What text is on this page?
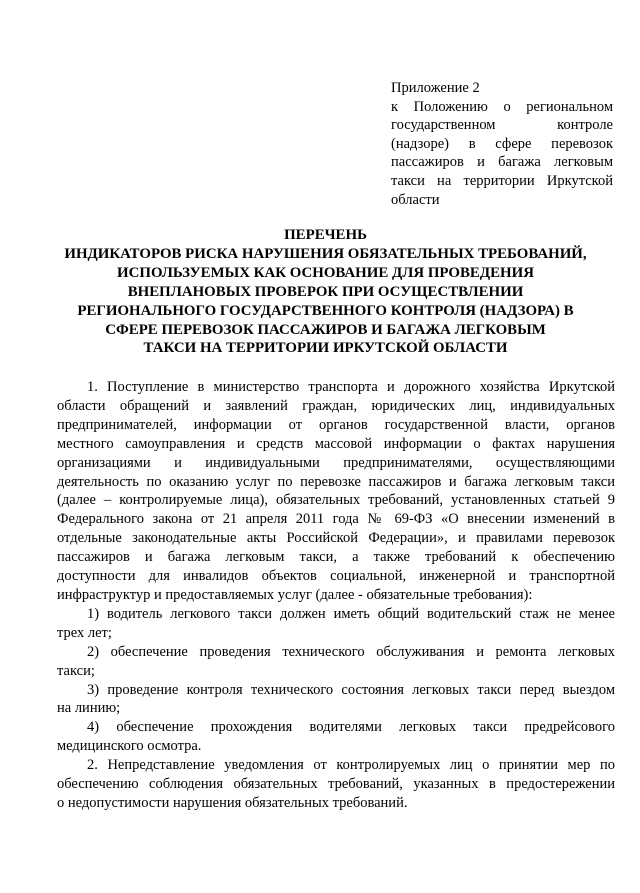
Приложение 2
к Положению о региональном
государственном контроле
(надзоре) в сфере перевозок
пассажиров и багажа легковым
такси на территории Иркутской
области
ПЕРЕЧЕНЬ
ИНДИКАТОРОВ РИСКА НАРУШЕНИЯ ОБЯЗАТЕЛЬНЫХ ТРЕБОВАНИЙ,
ИСПОЛЬЗУЕМЫХ КАК ОСНОВАНИЕ ДЛЯ ПРОВЕДЕНИЯ
ВНЕПЛАНОВЫХ ПРОВЕРОК ПРИ ОСУЩЕСТВЛЕНИИ
РЕГИОНАЛЬНОГО ГОСУДАРСТВЕННОГО КОНТРОЛЯ (НАДЗОРА) В
СФЕРЕ ПЕРЕВОЗОК ПАССАЖИРОВ И БАГАЖА ЛЕГКОВЫМ
ТАКСИ НА ТЕРРИТОРИИ ИРКУТСКОЙ ОБЛАСТИ
1. Поступление в министерство транспорта и дорожного хозяйства Иркутской
области обращений и заявлений граждан, юридических лиц, индивидуальных
предпринимателей, информации от органов государственной власти, органов
местного самоуправления и средств массовой информации о фактах нарушения
организациями и индивидуальными предпринимателями, осуществляющими
деятельность по оказанию услуг по перевозке пассажиров и багажа легковым такси
(далее – контролируемые лица), обязательных требований, установленных статьей 9
Федерального закона от 21 апреля 2011 года № 69-ФЗ «О внесении изменений в
отдельные законодательные акты Российской Федерации», и правилами перевозок
пассажиров и багажа легковым такси, а также требований к обеспечению
доступности для инвалидов объектов социальной, инженерной и транспортной
инфраструктур и предоставляемых услуг (далее - обязательные требования):
1) водитель легкового такси должен иметь общий водительский стаж не менее
трех лет;
2) обеспечение проведения технического обслуживания и ремонта легковых
такси;
3) проведение контроля технического состояния легковых такси перед выездом
на линию;
4) обеспечение прохождения водителями легковых такси предрейсового
медицинского осмотра.
2. Непредставление уведомления от контролируемых лиц о принятии мер по
обеспечению соблюдения обязательных требований, указанных в предостережении
о недопустимости нарушения обязательных требований.
